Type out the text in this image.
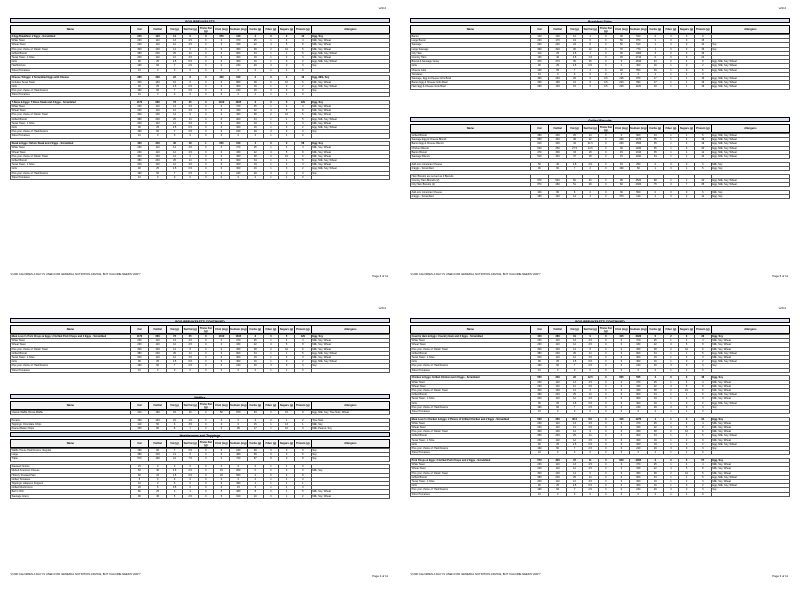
v20.2
EGG BREAKFASTS
Name	Cal	FatCal	Fat (g)	Sat Fat (g)	Trans Fat (g)	Chol (mg)	Sodium (mg)	Carbs (g)	Fiber (g)	Sugars (g)	Protein (g)	Allergens
2 Egg Breakfast: 2 Eggs - Scrambled	240	120	14	6	0	370	120	2	0	2	12	Egg, Soy
White Toast	230	110	13	4.5	0	0	370	25	1	4	4	Milk, Soy, Wheat
Wheat Toast	230	110	12	4.5	0	0	330	22	4	5	8	Milk, Soy, Wheat
Plus your choice of: Raisin Toast	300	130	14	6	0	0	360	38	2	16	6	Milk, Soy, Wheat
Grilled Biscuit	380	230	25	14	0	0	900	34	1	1	5	Egg, Milk, Soy, Wheat
Texas Toast - 1 Slice	200	110	12	4.5	0	0	300	19	1	2	3	Milk, Soy, Wheat
Grits	90	25	2.5	0.5	0	0	300	16	1	0	2	Egg, Milk, Soy, Wheat
Hashbrowns	190	60	7	2.5	0	0	240	29	3	0	3	Soy
Sliced Tomatoes	10	0	0	0	0	0	0	2	1	1	0	

Cheese 'N Eggs: 2 Scrambled Eggs with Cheese	280	200	22	8	0	400	610	2	0	2	18	Egg, Milk, Soy
Includes Texas Toast	400	140	15	6	0	0	860	38	0	16	6	Milk, Soy, Wheat
Grits	90	25	2.5	0.5	0	0	300	16	1	0	2	Egg, Milk, Soy, Wheat
Plus your choice of: Hashbrowns	190	60	7	2.5	0	0	240	29	3	0	3	Soy
Sliced Tomatoes	10	0	0	0	0	0	0	2	1	1	0	

T-Bone & Eggs: T-Bone Steak and 2 Eggs - Scrambled	1170	660	73	25	0	1010	1815	3	0	5	129	Egg, Soy
White Toast	230	110	13	4.5	0	0	370	25	1	4	4	Milk, Soy, Wheat
Wheat Toast	230	110	12	4.5	0	0	330	22	4	5	8	Milk, Soy, Wheat
Plus your choice of: Raisin Toast	300	130	14	6	0	0	360	38	2	16	6	Milk, Soy, Wheat
Grilled Biscuit	380	230	25	14	0	0	900	34	1	1	5	Egg, Milk, Soy, Wheat
Texas Toast - 1 Slice	200	110	12	4.5	0	0	300	19	1	2	3	Milk, Soy, Wheat
Grits	90	25	2.5	0.5	0	0	300	16	1	0	2	Egg, Milk, Soy, Wheat
Plus your choice of: Hashbrowns	190	60	7	2.5	0	0	240	29	3	0	3	Soy
Sliced Tomatoes	10	0	0	0	0	0	0	2	1	1	0	

Steak & Eggs: Sirloin Steak and 2 Eggs - Scrambled	460	240	46	18	1	645	610	4	0	3	58	Egg, Soy
White Toast	230	110	13	4.5	0	0	370	25	1	4	4	Milk, Soy, Wheat
Wheat Toast	230	110	12	4.5	0	0	330	22	4	5	8	Milk, Soy, Wheat
Plus your choice of: Raisin Toast	300	130	14	6	0	0	360	38	2	16	6	Milk, Soy, Wheat
Grilled Biscuit	380	230	25	14	0	0	900	34	1	1	5	Egg, Milk, Soy, Wheat
Texas Toast - 1 Slice	200	110	12	4.5	0	0	300	19	1	2	3	Milk, Soy, Wheat
Grits	90	25	2.5	0.5	0	0	300	16	1	0	2	Egg, Milk, Soy, Wheat
Plus your choice of: Hashbrowns	190	60	7	2.5	0	0	240	29	3	0	3	Soy
Sliced Tomatoes	10	0	0	0	0	0	0	2	1	1	0	
"2,000 CALORIES A DAY IS USED FOR GENERAL NUTRITION ADVICE, BUT CALORIE NEEDS VARY"	Page 3 of 11
v20.2
Breakfast Sides
Name	Cal	FatCal	Fat (g)	Sat Fat (g)	Trans Fat (g)	Chol (mg)	Sodium (mg)	Carbs (g)	Fiber (g)	Sugars (g)	Protein (g)	Allergens
Bacon	140	100	12	4	0	30	520	0	0	0	9	
Large Bacon	230	170	19	6	0	50	870	1	0	0	15	
Sausage	260	220	24	8	0	50	510	1	0	0	10	Soy
Large Sausage	390	320	36	12	0	70	770	1	0	0	15	Soy
City Ham	110	25	2.5	1	0	30	1090	3	0	3	16	
Country Ham	130	40	4.5	1.5	0	45	1710	0	0	0	22	
Biscuit & Sausage Gravy	470	270	30	16	0	5	1810	44	2	4	9	Egg, Milk, Soy, Wheat
Grits	90	25	2.5	0.5	0	0	300	16	1	0	2	Egg, Milk, Soy, Wheat
Cheese Grits	140	65	7	4	0	20	550	16	1	0	6	Egg, Milk, Soy, Wheat
Tomatoes	10	0	0	0	0	0	0	2	1	1	0	
Sausage, Egg & Cheese Grits Bowl	360	230	26	9	0.5	225	870	17	1	1	15	Egg, Milk, Soy, Wheat
Bacon Egg & Cheese Grits Bowl	330	190	21	8	0.5	220	990	17	1	1	16	Egg, Milk, Soy, Wheat
Ham Egg & Cheese Grits Bowl	290	130	15	6	0.5	225	1120	19	1	1	19	Egg, Milk, Soy, Wheat
Grilled Biscuits
Name	Cal	FatCal	Fat (g)	Sat Fat (g)	Trans Fat (g)	Chol (mg)	Sodium (mg)	Carbs (g)	Fiber (g)	Sugars (g)	Protein (g)	Allergens
Grilled Biscuit	380	230	25	14	0	0	900	34	1	1	5	Egg, Milk, Soy, Wheat
Sausage Egg & Cheese Biscuit	650	430	48	22	0	230	1470	35	1	2	18	Egg, Milk, Soy, Wheat
Bacon Egg & Cheese Biscuit	610	400	44	21.5	0	230	1560	35	1	2	19	Egg, Milk, Soy, Wheat
Chicken Biscuit	520	250	27.5	14.5	0	30	1930	35	1	4	30	Egg, Milk, Soy, Wheat
Bacon Biscuit	470	300	33	18	0	15	1310	35	1	1	11	Egg, Milk, Soy, Wheat
Sausage Biscuit	510	340	37	18	0	15	1160	34	1	1	10	Egg, Milk, Soy, Wheat

Add-ons: American Cheese	50	40	4.5	2.5	0	15	250	0	0	0	3	Milk, Soy
2 Eggs - Scrambled	90	60	7	2	0	190	60	1	0	1	6	Egg, Soy

Ham Biscuits are served as 2 Biscuits												
Country Ham Biscuits (2)	970	540	60	30	0	95	3520	68	2	2	42	Egg, Milk, Soy, Wheat
City Ham Biscuits (2)	870	460	51	28	0	60	2300	75	3	7	35	Egg, Milk, Soy, Wheat

Add-ons: American Cheese	100	80	8	0	0	30	500	0	0	0	6	Milk, Soy
2 Eggs - Scrambled	180	120	14	4	0	370	120	2	0	2	12	Egg, Soy
"2,000 CALORIES A DAY IS USED FOR GENERAL NUTRITION ADVICE, BUT CALORIE NEEDS VARY"	Page 5 of 11
v20.2
EGG BREAKFASTS CONTINUED
Name	Cal	FatCal	Fat (g)	Sat Fat (g)	Trans Fat (g)	Chol (mg)	Sodium (mg)	Carbs (g)	Fiber (g)	Sugars (g)	Protein (g)	Allergens
Meat Lover's Pork Chops & Eggs: 2 Grilled Pork Chops and 2 Eggs - Scrambled	1170	660	73	25	0	1010	1815	3	0	5	129	Egg, Soy
White Toast	230	110	13	4.5	0	0	370	25	1	4	4	Milk, Soy, Wheat
Wheat Toast	230	110	12	4.5	0	0	330	22	4	5	8	Milk, Soy, Wheat
Plus your choice of: Raisin Toast	300	130	14	6	0	0	360	38	2	16	6	Milk, Soy, Wheat
Grilled Biscuit	380	230	25	14	0	0	900	34	1	1	5	Egg, Milk, Soy, Wheat
Texas Toast - 1 Slice	200	110	12	4.5	0	0	300	19	1	2	3	Milk, Soy, Wheat
Grits	90	25	2.5	0.5	0	0	300	16	1	0	2	Egg, Milk, Soy, Wheat
Plus your choice of: Hashbrowns	190	60	7	2.5	0	0	240	29	3	0	3	Soy
Sliced Tomatoes	10	0	0	0	0	0	0	2	1	1	0	
Waffles
Name	Cal	FatCal	Fat (g)	Sat Fat (g)	Trans Fat (g)	Chol (mg)	Sodium (mg)	Carbs (g)	Fiber (g)	Sugars (g)	Protein (g)	Allergens
Classic Waffle House Waffle	410	160	18	10	0	50	870	53	2	15	8	Egg, Milk, Soy, Tree Nuts, Wheat

Pecans	150	140	15	1.5	0	0	0	3	2	1	2	Tree Nuts
Toppings: Chocolate Chips	110	50	6	3.5	0	0	0	15	1	13	1	Milk, Soy
Peanut Butter Chips	150	80	8	7	0	0	95	17	1	16	3	Milk, Peanut, Soy
Hashbrowns and Toppings
Name	Cal	FatCal	Fat (g)	Sat Fat (g)	Trans Fat (g)	Chol (mg)	Sodium (mg)	Carbs (g)	Fiber (g)	Sugars (g)	Protein (g)	Allergens
Waffle House Hashbrowns: Regular	190	60	7	2.5	0	0	240	29	3	0	3	Soy
Large	380	130	14	5	0	0	480	59	5	0	5	Soy
Triple	570	190	21	7.5	0	0	720	87	8	0	8	Soy

Sauteed Onions	15	0	0	0	0	0	0	4	1	1	0	
Melted American Cheese	50	40	4.5	2.5	0	15	250	0	0	0	3	Milk, Soy
Hickory Smoked Ham	60	15	1.5	0.5	0	20	550	2	0	2	8	
Grilled Tomatoes	5	0	0	0	0	0	0	2	1	1	0	
Toppings: Jalapeno Peppers	10	0	0	0	0	0	390	1	1	1	1	
Grilled Mushrooms	20	5	0.5	0	0	0	15	3	1	1	3	
Bert's Chili	80	25	3	1	0	5	380	8	2	1	5	Milk, Soy, Wheat
Sausage Gravy	90	45	5	2.5	0	5	910	10	0	1	2	Milk, Soy, Wheat
"2,000 CALORIES A DAY IS USED FOR GENERAL NUTRITION ADVICE, BUT CALORIE NEEDS VARY"	Page 4 of 11
v20.2
EGG BREAKFASTS CONTINUED
Name	Cal	FatCal	Fat (g)	Sat Fat (g)	Trans Fat (g)	Chol (mg)	Sodium (mg)	Carbs (g)	Fiber (g)	Sugars (g)	Protein (g)	Allergens
Country Ham & Eggs: Country Ham and 2 Eggs - Scrambled	440	280	31	9	0	415	2320	5	2	3	33	Egg, Soy
White Toast	230	110	13	4.5	0	0	370	25	1	4	4	Milk, Soy, Wheat
Wheat Toast	230	110	12	4.5	0	0	330	22	4	5	8	Milk, Soy, Wheat
Plus your choice of: Raisin Toast	300	130	14	6	0	0	360	38	2	16	6	Milk, Soy, Wheat
Grilled Biscuit	380	230	25	14	0	0	900	34	1	1	5	Egg, Milk, Soy, Wheat
Texas Toast - 1 Slice	200	110	12	4.5	0	0	300	19	1	2	3	Milk, Soy, Wheat
Grits	90	25	2.5	0.5	0	0	300	16	1	0	2	Egg, Milk, Soy, Wheat
Plus your choice of: Hashbrowns	190	60	7	2.5	0	0	240	29	3	0	3	Soy
Sliced Tomatoes	10	0	0	0	0	0	0	2	1	1	0	

Chicken & Eggs: Grilled Chicken and 2 Eggs - Scrambled	550	240	26	12.5	0	805	555	3	0	3	48	Egg, Soy
White Toast	230	110	13	4.5	0	0	370	25	1	4	4	Milk, Soy, Wheat
Wheat Toast	230	110	12	4.5	0	0	330	22	4	5	8	Milk, Soy, Wheat
Plus your choice of: Raisin Toast	300	130	14	6	0	0	360	38	2	16	6	Milk, Soy, Wheat
Grilled Biscuit	380	230	25	14	0	0	900	34	1	1	5	Egg, Milk, Soy, Wheat
Texas Toast - 1 Slice	200	110	12	4.5	0	0	300	19	1	2	3	Milk, Soy, Wheat
Grits	90	25	2.5	0.5	0	0	300	16	1	0	2	Egg, Milk, Soy, Wheat
Plus your choice of: Hashbrowns	190	60	7	2.5	0	0	240	29	3	0	3	Soy
Sliced Tomatoes	10	0	0	0	0	0	0	2	1	1	0	

Meat Lover's Chicken & Eggs: 2 Pieces of Grilled Chicken and 2 Eggs - Scrambled	500	260	30.5	8.5	0	415	1275	4	1	3	34	Egg, Soy
White Toast	230	110	13	4.5	0	0	370	25	1	4	4	Milk, Soy, Wheat
Wheat Toast	230	110	12	4.5	0	0	330	22	4	5	8	Milk, Soy, Wheat
Plus your choice of: Raisin Toast	300	130	14	6	0	0	360	38	2	16	6	Milk, Soy, Wheat
Grilled Biscuit	380	230	25	14	0	0	900	34	1	1	5	Egg, Milk, Soy, Wheat
Texas Toast - 1 Slice	200	110	12	4.5	0	0	300	19	1	2	3	Milk, Soy, Wheat
Grits	90	25	2.5	0.5	0	0	300	16	1	0	2	Egg, Milk, Soy, Wheat
Plus your choice of: Hashbrowns	190	60	7	2.5	0	0	240	29	3	0	3	Soy
Sliced Tomatoes	10	0	0	0	0	0	0	2	1	1	0	

Pork Chops & Eggs: 2 Grilled Pork Chops and 2 Eggs - Scrambled	570	320	37	11	0	840	2065	3	0	3	57	Egg, Soy
White Toast	230	110	13	4.5	0	0	370	25	1	4	4	Milk, Soy, Wheat
Wheat Toast	230	110	12	4.5	0	0	330	22	4	5	8	Milk, Soy, Wheat
Plus your choice of: Raisin Toast	300	130	14	6	0	0	360	38	2	16	6	Milk, Soy, Wheat
Grilled Biscuit	380	230	25	14	0	0	900	34	1	1	5	Egg, Milk, Soy, Wheat
Texas Toast - 1 Slice	200	110	12	4.5	0	0	300	19	1	2	3	Milk, Soy, Wheat
Grits	90	25	2.5	0.5	0	0	300	16	1	0	2	Egg, Milk, Soy, Wheat
Plus your choice of: Hashbrowns	190	60	7	2.5	0	0	240	29	3	0	3	Soy
Sliced Tomatoes	10	0	0	0	0	0	0	2	1	1	0	
"2,000 CALORIES A DAY IS USED FOR GENERAL NUTRITION ADVICE, BUT CALORIE NEEDS VARY"	Page 3 of 11
